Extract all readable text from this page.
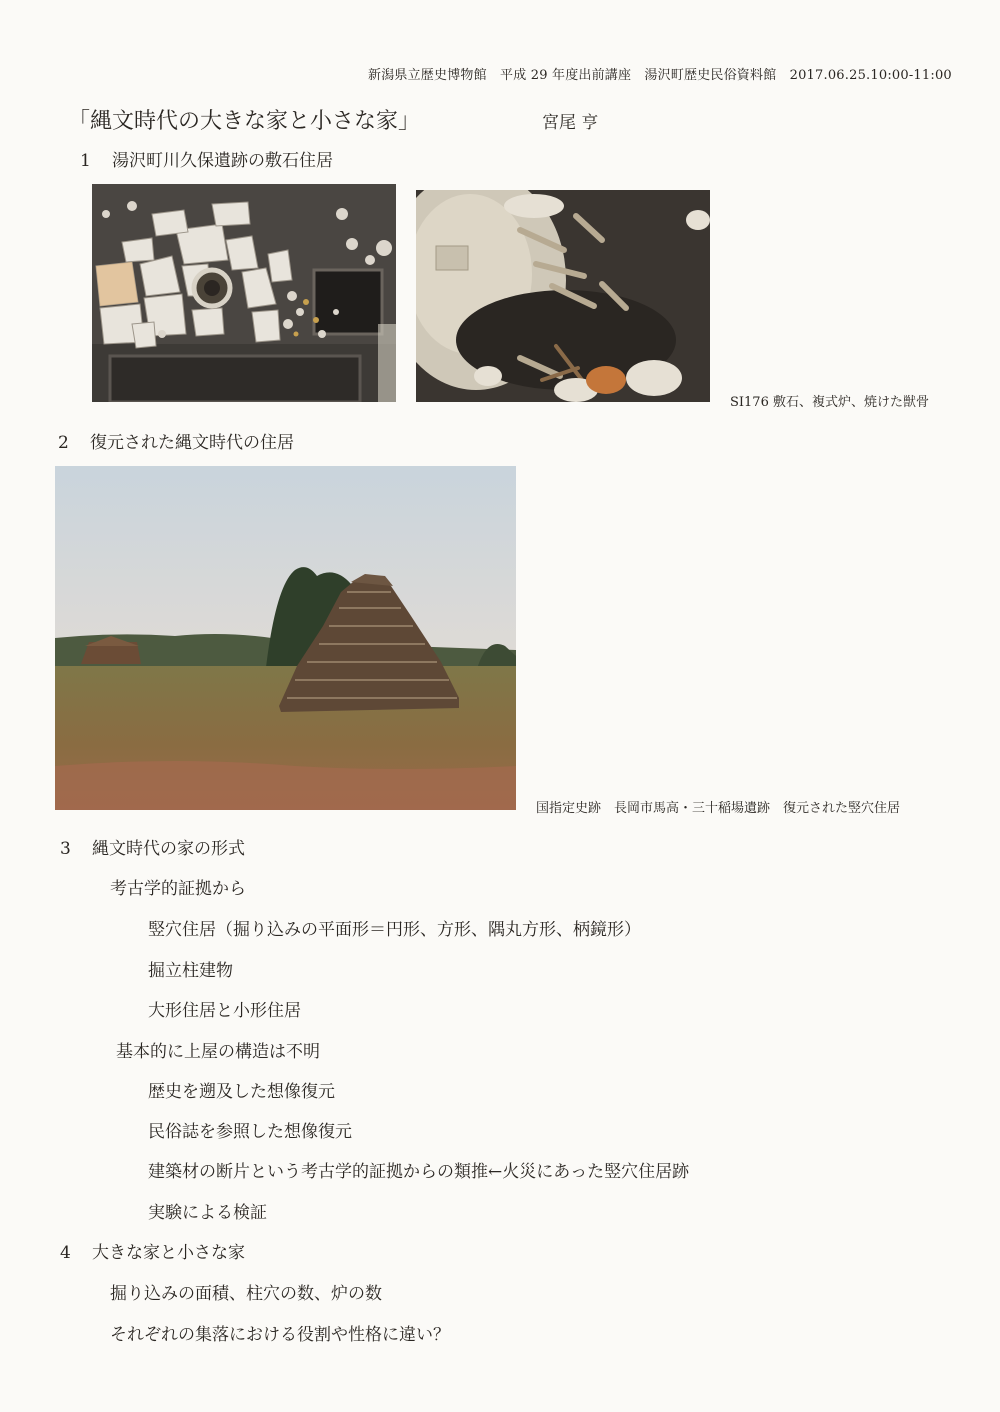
新潟県立歴史博物館　平成 29 年度出前講座　湯沢町歴史民俗資料館　2017.06.25.10:00-11:00
「縄文時代の大きな家と小さな家」	宮尾 亨
1 湯沢町川久保遺跡の敷石住居
SI176 敷石、複式炉、焼けた獣骨
2 復元された縄文時代の住居
国指定史跡　長岡市馬高・三十稲場遺跡　復元された竪穴住居
3 縄文時代の家の形式
考古学的証拠から
竪穴住居（掘り込みの平面形＝円形、方形、隅丸方形、柄鏡形）
掘立柱建物
大形住居と小形住居
基本的に上屋の構造は不明
歴史を遡及した想像復元
民俗誌を参照した想像復元
建築材の断片という考古学的証拠からの類推←火災にあった竪穴住居跡
実験による検証
4 大きな家と小さな家
掘り込みの面積、柱穴の数、炉の数
それぞれの集落における役割や性格に違い？
